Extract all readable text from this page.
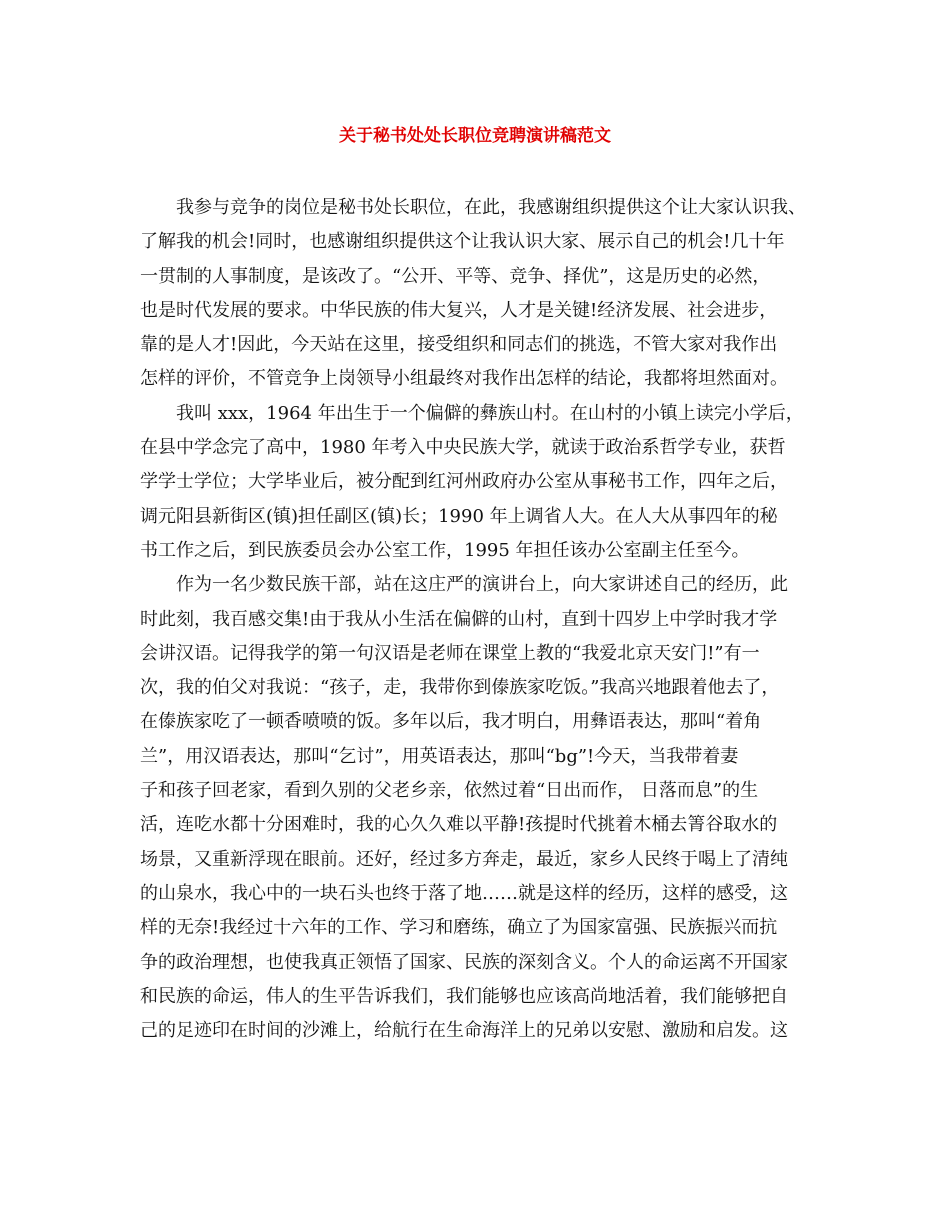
关于秘书处处长职位竞聘演讲稿范文
我参与竞争的岗位是秘书处长职位，在此，我感谢组织提供这个让大家认识我、
了解我的机会!同时，也感谢组织提供这个让我认识大家、展示自己的机会!几十年
一贯制的人事制度，是该改了。“公开、平等、竞争、择优”，这是历史的必然，
也是时代发展的要求。中华民族的伟大复兴，人才是关键!经济发展、社会进步，
靠的是人才!因此，今天站在这里，接受组织和同志们的挑选，不管大家对我作出
怎样的评价，不管竞争上岗领导小组最终对我作出怎样的结论，我都将坦然面对。
我叫 xxx，1964 年出生于一个偏僻的彝族山村。在山村的小镇上读完小学后，
在县中学念完了高中，1980 年考入中央民族大学，就读于政治系哲学专业，获哲
学学士学位；大学毕业后，被分配到红河州政府办公室从事秘书工作，四年之后，
调元阳县新街区(镇)担任副区(镇)长；1990 年上调省人大。在人大从事四年的秘
书工作之后，到民族委员会办公室工作，1995 年担任该办公室副主任至今。
作为一名少数民族干部，站在这庄严的演讲台上，向大家讲述自己的经历，此
时此刻，我百感交集!由于我从小生活在偏僻的山村，直到十四岁上中学时我才学
会讲汉语。记得我学的第一句汉语是老师在课堂上教的“我爱北京天安门!”有一
次，我的伯父对我说：“孩子，走，我带你到傣族家吃饭。”我高兴地跟着他去了，
在傣族家吃了一顿香喷喷的饭。多年以后，我才明白，用彝语表达，那叫“着角
兰”，用汉语表达，那叫“乞讨”，用英语表达，那叫“bg”!今天，当我带着妻
子和孩子回老家，看到久别的父老乡亲，依然过着“日出而作， 日落而息”的生
活，连吃水都十分困难时，我的心久久难以平静!孩提时代挑着木桶去箐谷取水的
场景，又重新浮现在眼前。还好，经过多方奔走，最近，家乡人民终于喝上了清纯
的山泉水，我心中的一块石头也终于落了地……就是这样的经历，这样的感受，这
样的无奈!我经过十六年的工作、学习和磨练，确立了为国家富强、民族振兴而抗
争的政治理想，也使我真正领悟了国家、民族的深刻含义。个人的命运离不开国家
和民族的命运，伟人的生平告诉我们，我们能够也应该高尚地活着，我们能够把自
己的足迹印在时间的沙滩上，给航行在生命海洋上的兄弟以安慰、激励和启发。这
